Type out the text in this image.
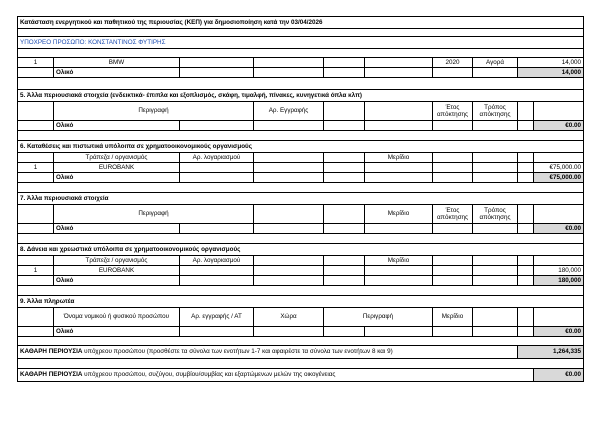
Κατάσταση ενεργητικού και παθητικού της περιουσίας (ΚΕΠ) για δημοσιοποίηση κατά την 03/04/2026									

ΥΠΟΧΡΕΟ ΠΡΟΣΩΠΟ: ΚΟΝΣΤΑΝΤΙΝΟΣ ΦΥΤΙΡΗΣ									

1	BMW					2020	Αγορά	14,000	
	Ολικό							14,000	

5. Άλλα περιουσιακά στοιχεία (ενδεικτικά- έπιπλα και εξοπλισμός, σκάφη, τιμαλφή, πίνακες, κυνηγετικά όπλα κλπ)									
	Περιγραφή		Αρ. Εγγραφής			Έτος απόκτησης	Τρόπος απόκτησης		
	Ολικό								€0.00

6. Καταθέσεις και πιστωτικά υπόλοιπα σε χρηματοοικονομικούς οργανισμούς									
	Τράπεζα / οργανισμός	Αρ. λογαριασμού			Μερίδιο				
1	EUROBANK								€75,000.00
	Ολικό								€75,000.00

7. Άλλα περιουσιακά στοιχεία									
	Περιγραφή				Μερίδιο	Έτος απόκτησης	Τρόπος απόκτησης		
	Ολικό								€0.00

8. Δάνεια και χρεωστικά υπόλοιπα σε χρηματοοικονομικούς οργανισμούς									
	Τράπεζα / οργανισμός	Αρ. λογαριασμού			Μερίδιο				
1	EUROBANK								180,000
	Ολικό								180,000

9. Άλλα πληρωτέα									
	Όνομα νομικού ή φυσικού προσώπου	Αρ. εγγραφής / ΑΤ	Χώρα	Περιγραφή		Μερίδιο			
	Ολικό								€0.00

ΚΑΘΑΡΗ ΠΕΡΙΟΥΣΙΑ υπόχρεου προσώπου (προσθέστε τα σύνολα των ενοτήτων 1-7 και αφαιρέστε τα σύνολα των ενοτήτων 8 και 9)								1,264,335	

ΚΑΘΑΡΗ ΠΕΡΙΟΥΣΙΑ υπόχρεου προσώπου, συζύγου, συμβίου/συμβίας και εξαρτώμενων μελών της οικογένειας									€0.00
